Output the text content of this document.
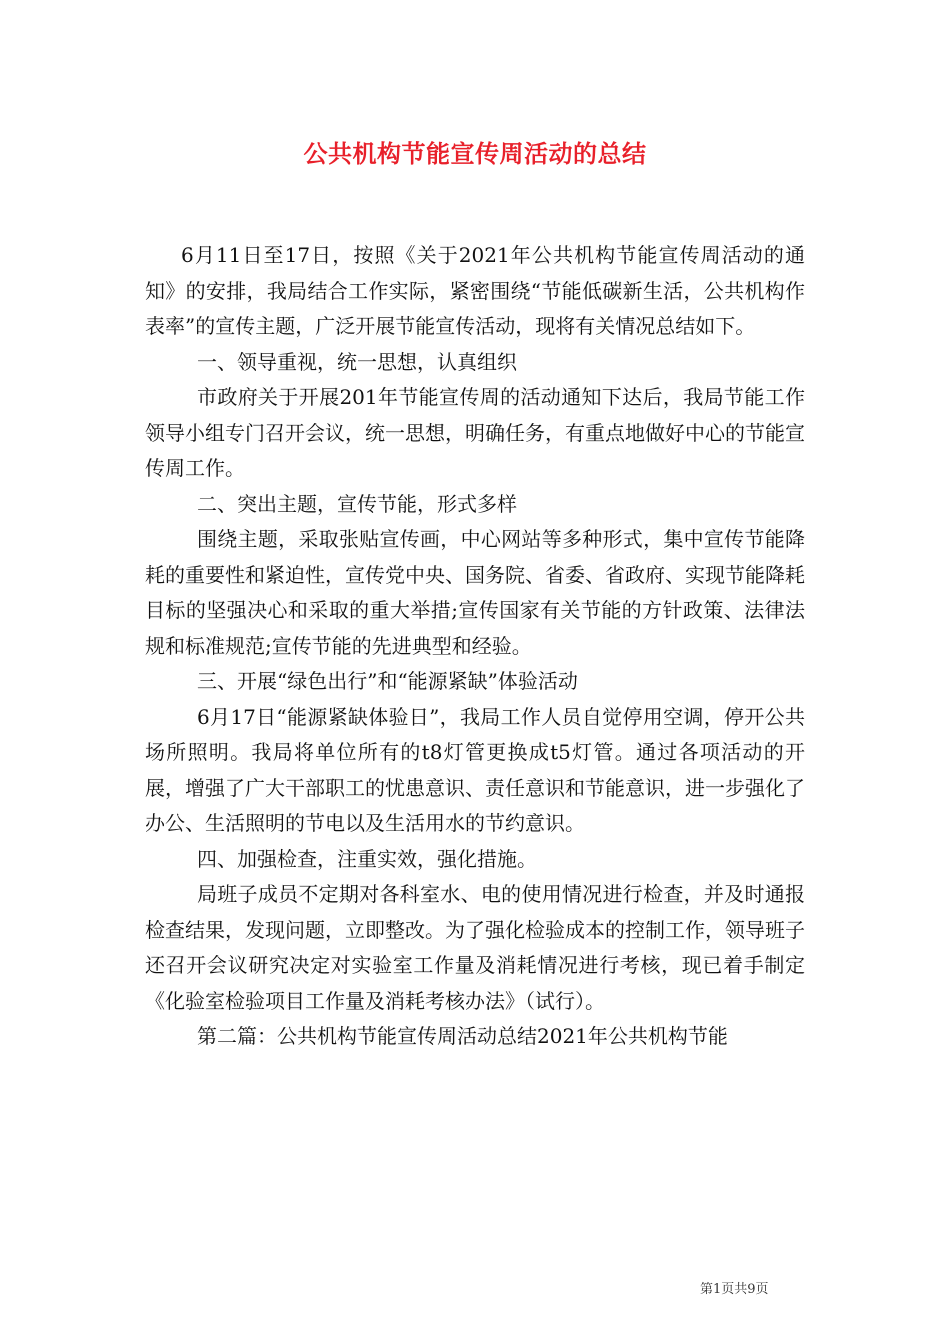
公共机构节能宣传周活动的总结

6月11日至17日，按照《关于2021年公共机构节能宣传周活动的通知》的安排，我局结合工作实际，紧密围绕“节能低碳新生活，公共机构作表率”的宣传主题，广泛开展节能宣传活动，现将有关情况总结如下。

一、领导重视，统一思想，认真组织

市政府关于开展201年节能宣传周的活动通知下达后，我局节能工作领导小组专门召开会议，统一思想，明确任务，有重点地做好中心的节能宣传周工作。

二、突出主题，宣传节能，形式多样

围绕主题，采取张贴宣传画，中心网站等多种形式，集中宣传节能降耗的重要性和紧迫性，宣传党中央、国务院、省委、省政府、实现节能降耗目标的坚强决心和采取的重大举措;宣传国家有关节能的方针政策、法律法规和标准规范;宣传节能的先进典型和经验。

三、开展“绿色出行”和“能源紧缺”体验活动

6月17日“能源紧缺体验日”，我局工作人员自觉停用空调，停开公共场所照明。我局将单位所有的t8灯管更换成t5灯管。通过各项活动的开展，增强了广大干部职工的忧患意识、责任意识和节能意识，进一步强化了办公、生活照明的节电以及生活用水的节约意识。

四、加强检查，注重实效，强化措施。

局班子成员不定期对各科室水、电的使用情况进行检查，并及时通报检查结果，发现问题，立即整改。为了强化检验成本的控制工作，领导班子还召开会议研究决定对实验室工作量及消耗情况进行考核，现已着手制定《化验室检验项目工作量及消耗考核办法》（试行）。

第二篇：公共机构节能宣传周活动总结2021年公共机构节能

第1页共9页
